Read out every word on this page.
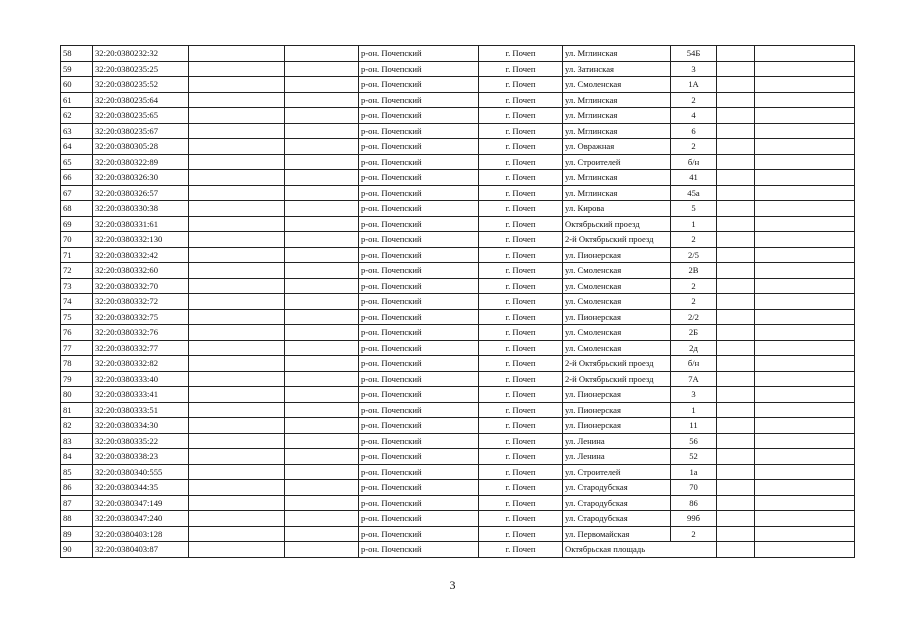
58	32:20:0380232:32			р-он. Почепский	г. Почеп	ул. Мглинская	54Б		
59	32:20:0380235:25			р-он. Почепский	г. Почеп	ул. Затинская	3		
60	32:20:0380235:52			р-он. Почепский	г. Почеп	ул. Смоленская	1А		
61	32:20:0380235:64			р-он. Почепский	г. Почеп	ул. Мглинская	2		
62	32:20:0380235:65			р-он. Почепский	г. Почеп	ул. Мглинская	4		
63	32:20:0380235:67			р-он. Почепский	г. Почеп	ул. Мглинская	6		
64	32:20:0380305:28			р-он. Почепский	г. Почеп	ул. Овражная	2		
65	32:20:0380322:89			р-он. Почепский	г. Почеп	ул. Строителей	б/н		
66	32:20:0380326:30			р-он. Почепский	г. Почеп	ул. Мглинская	41		
67	32:20:0380326:57			р-он. Почепский	г. Почеп	ул. Мглинская	45а		
68	32:20:0380330:38			р-он. Почепский	г. Почеп	ул. Кирова	5		
69	32:20:0380331:61			р-он. Почепский	г. Почеп	Октябрьский проезд	1		
70	32:20:0380332:130			р-он. Почепский	г. Почеп	2-й Октябрьский проезд	2		
71	32:20:0380332:42			р-он. Почепский	г. Почеп	ул. Пионерская	2/5		
72	32:20:0380332:60			р-он. Почепский	г. Почеп	ул. Смоленская	2В		
73	32:20:0380332:70			р-он. Почепский	г. Почеп	ул. Смоленская	2		
74	32:20:0380332:72			р-он. Почепский	г. Почеп	ул. Смоленская	2		
75	32:20:0380332:75			р-он. Почепский	г. Почеп	ул. Пионерская	2/2		
76	32:20:0380332:76			р-он. Почепский	г. Почеп	ул. Смоленская	2Б		
77	32:20:0380332:77			р-он. Почепский	г. Почеп	ул. Смоленская	2д		
78	32:20:0380332:82			р-он. Почепский	г. Почеп	2-й Октябрьский проезд	б/н		
79	32:20:0380333:40			р-он. Почепский	г. Почеп	2-й Октябрьский проезд	7А		
80	32:20:0380333:41			р-он. Почепский	г. Почеп	ул. Пионерская	3		
81	32:20:0380333:51			р-он. Почепский	г. Почеп	ул. Пионерская	1		
82	32:20:0380334:30			р-он. Почепский	г. Почеп	ул. Пионерская	11		
83	32:20:0380335:22			р-он. Почепский	г. Почеп	ул. Ленина	56		
84	32:20:0380338:23			р-он. Почепский	г. Почеп	ул. Ленина	52		
85	32:20:0380340:555			р-он. Почепский	г. Почеп	ул. Строителей	1а		
86	32:20:0380344:35			р-он. Почепский	г. Почеп	ул. Стародубская	70		
87	32:20:0380347:149			р-он. Почепский	г. Почеп	ул. Стародубская	86		
88	32:20:0380347:240			р-он. Почепский	г. Почеп	ул. Стародубская	99б		
89	32:20:0380403:128			р-он. Почепский	г. Почеп	ул. Первомайская	2		
90	32:20:0380403:87			р-он. Почепский	г. Почеп	Октябрьская площадь			
3
